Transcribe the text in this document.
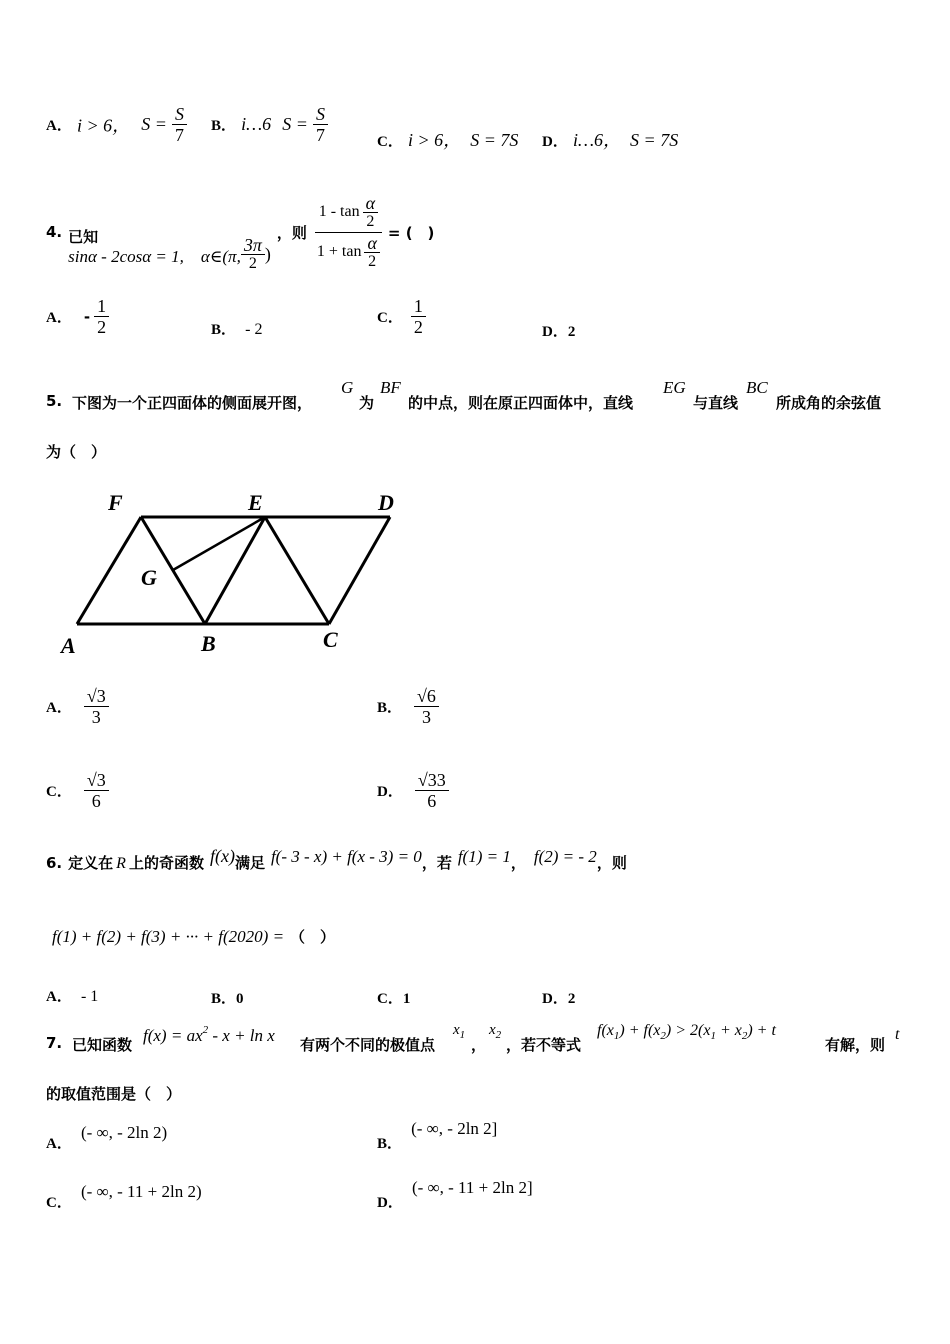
A． i > 6， $S = \frac{S}{7}$ B． i…6 $S = \frac{S}{7}$	C． i > 6， S = 7S D． i…6， S = 7S
4. 已知
sinα - 2cosα = 1,　α∈(π, $\frac{3\pi}{2}$ )
，则 $\frac{1 - \tan \frac{\alpha}{2}}{1 + \tan \frac{\alpha}{2}}$ = (　)
A． - $\frac{1}{2}$	B． - 2
C． $\frac{1}{2}$	D．2
5. 下图为一个正四面体的侧面展开图，
G
为
BF
的中点，则在原正四面体中，直线
EG
与直线
BC
所成角的余弦值
为（　）
F	E	D
G
A	B	C
A． $\frac{√3}{3}$	B． $\frac{√6}{3}$
C． $\frac{√3}{6}$	D． $\frac{√33}{6}$
6. 定义在 R 上的奇函数 f(x) 满足 f(- 3 - x) + f(x - 3) = 0 ，若 f(1) = 1 ， f(2) = - 2 ，则
f(1) + f(2) + f(3) + ··· + f(2020) = （　）
A． - 1	B．0	C．1	D．2
7. 已知函数 $f(x) = ax^2 - x + \ln x$ 有两个不同的极值点
$x_1$
，
$x_2$
，若不等式
$f(x_1) + f(x_2) > 2(x_1 + x_2) + t$
有解，则
t
的取值范围是（　）
A． (- ∞, - 2ln 2)
B． (- ∞, - 2ln 2]
C． (- ∞, - 11 + 2ln 2)
D． (- ∞, - 11 + 2ln 2]
